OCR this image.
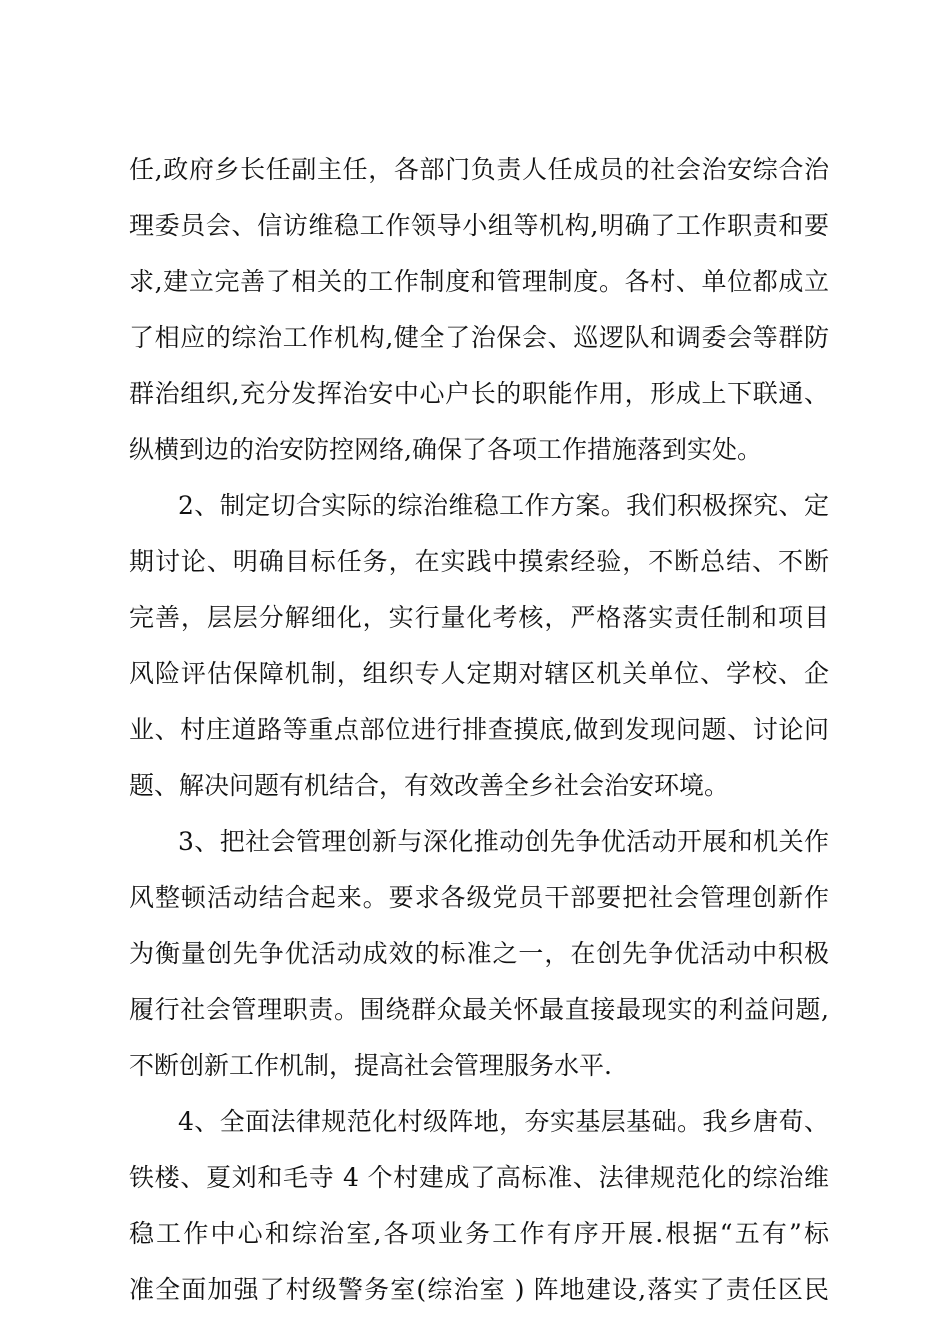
任,政府乡长任副主任，各部门负责人任成员的社会治安综合治
理委员会、信访维稳工作领导小组等机构,明确了工作职责和要
求,建立完善了相关的工作制度和管理制度。各村、单位都成立
了相应的综治工作机构,健全了治保会、巡逻队和调委会等群防
群治组织,充分发挥治安中心户长的职能作用，形成上下联通、
纵横到边的治安防控网络,确保了各项工作措施落到实处。
2、制定切合实际的综治维稳工作方案。我们积极探究、定
期讨论、明确目标任务，在实践中摸索经验，不断总结、不断
完善，层层分解细化，实行量化考核，严格落实责任制和项目
风险评估保障机制，组织专人定期对辖区机关单位、学校、企
业、村庄道路等重点部位进行排查摸底,做到发现问题、讨论问
题、解决问题有机结合，有效改善全乡社会治安环境。
3、把社会管理创新与深化推动创先争优活动开展和机关作
风整顿活动结合起来。要求各级党员干部要把社会管理创新作
为衡量创先争优活动成效的标准之一，在创先争优活动中积极
履行社会管理职责。围绕群众最关怀最直接最现实的利益问题,
不断创新工作机制，提高社会管理服务水平.
4、全面法律规范化村级阵地，夯实基层基础。我乡唐荀、
铁楼、夏刘和毛寺 4 个村建成了高标准、法律规范化的综治维
稳工作中心和综治室,各项业务工作有序开展.根据“五有”标
准全面加强了村级警务室(综治室 ) 阵地建设,落实了责任区民
